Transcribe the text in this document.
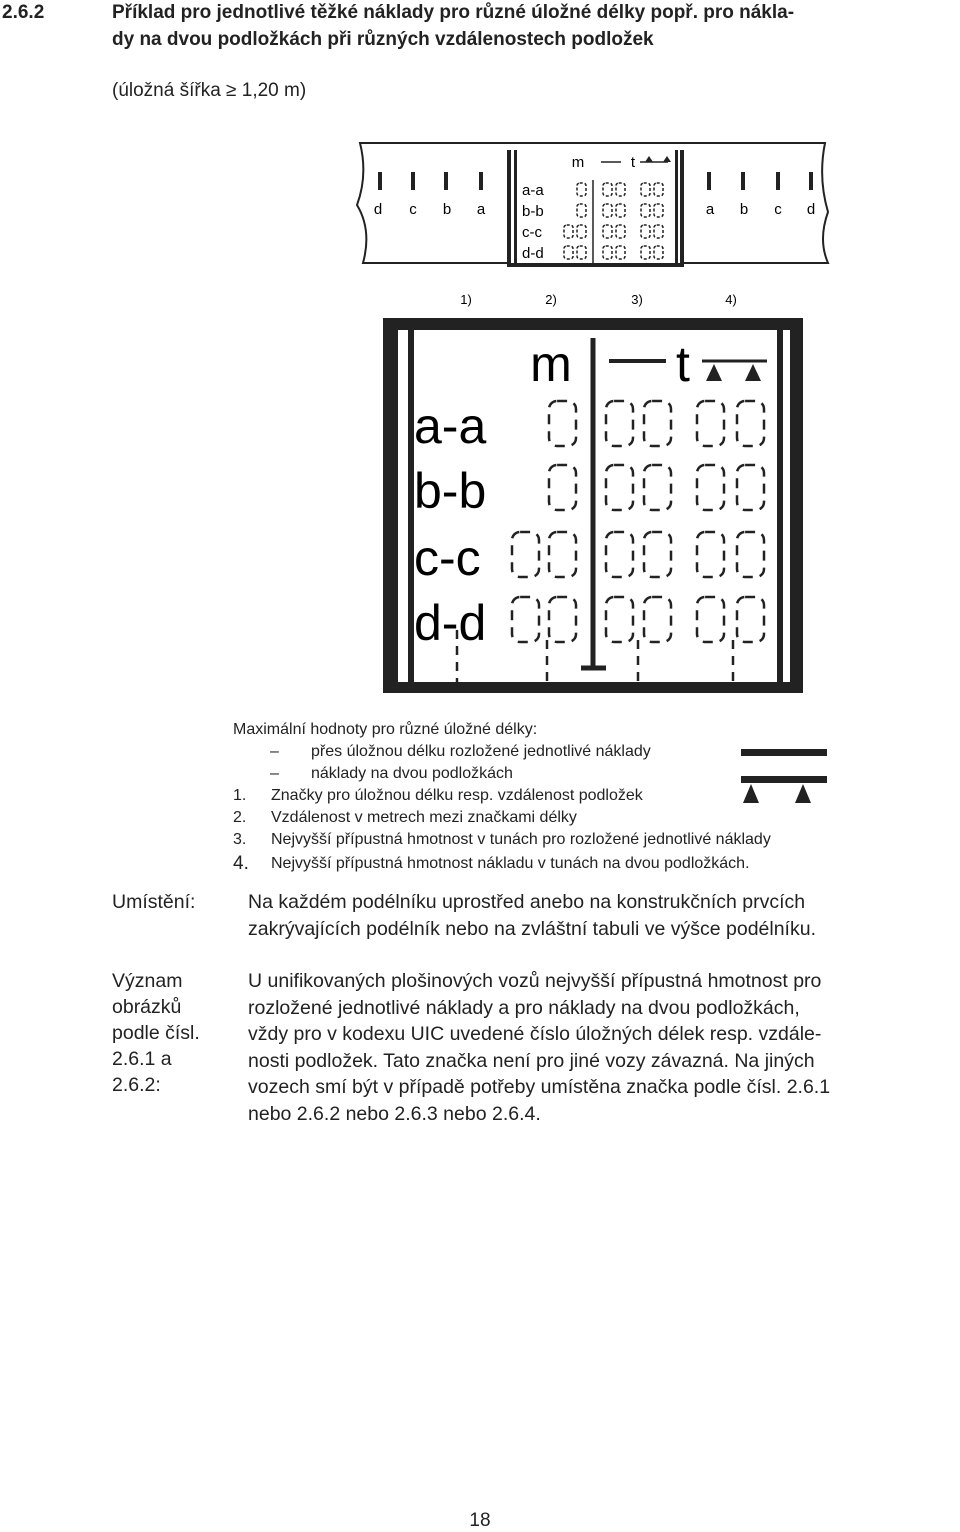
2.6.2	Příklad pro jednotlivé těžké náklady pro různé úložné délky popř. pro nákla-
dy na dvou podložkách při různých vzdálenostech podložek
(úložná šířka ≥ 1,20 m)
d c b a	a b c d
m	t
a-a
b-b
c-c
d-d
1)	2)	3)	4)
m t
a-a
b-b
c-c
d-d
Maximální hodnoty pro různé úložné délky:
– přes úložnou délku rozložené jednotlivé náklady
– náklady na dvou podložkách
1. Značky pro úložnou délku resp. vzdálenost podložek
2. Vzdálenost v metrech mezi značkami délky
3. Nejvyšší přípustná hmotnost v tunách pro rozložené jednotlivé náklady
4. Nejvyšší přípustná hmotnost nákladu v tunách na dvou podložkách.
Umístění:	Na každém podélníku uprostřed anebo na konstrukčních prvcích
zakrývajících podélník nebo na zvláštní tabuli ve výšce podélníku.
Význam
obrázků
podle čísl.
2.6.1 a
2.6.2:
U unifikovaných plošinových vozů nejvyšší přípustná hmotnost pro
rozložené jednotlivé náklady a pro náklady na dvou podložkách,
vždy pro v kodexu UIC uvedené číslo úložných délek resp. vzdále-
nosti podložek. Tato značka není pro jiné vozy závazná. Na jiných
vozech smí být v případě potřeby umístěna značka podle čísl. 2.6.1
nebo 2.6.2 nebo 2.6.3 nebo 2.6.4.
18
